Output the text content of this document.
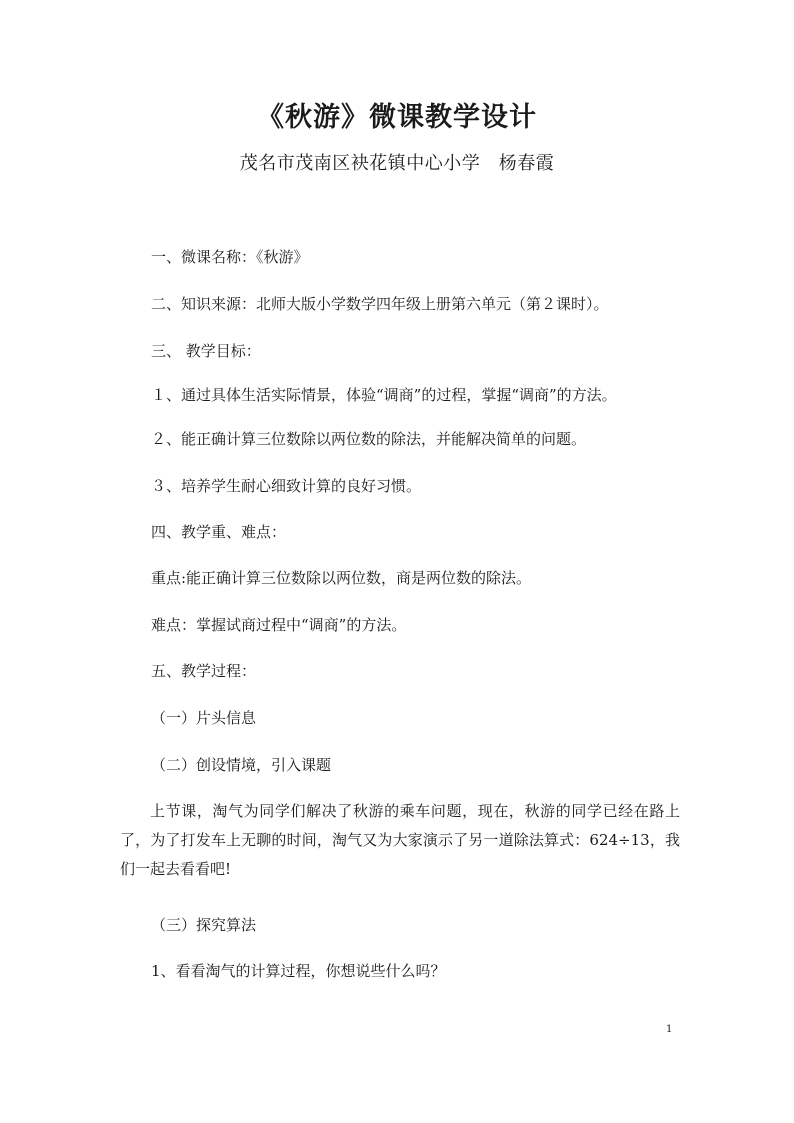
《秋游》微课教学设计
茂名市茂南区袂花镇中心小学　杨春霞
一、微课名称：《秋游》
二、知识来源：北师大版小学数学四年级上册第六单元（第２课时）。
三、 教学目标：
１、通过具体生活实际情景，体验“调商”的过程，掌握“调商”的方法。
２、能正确计算三位数除以两位数的除法，并能解决简单的问题。
３、培养学生耐心细致计算的良好习惯。
四、教学重、难点：
重点:能正确计算三位数除以两位数，商是两位数的除法。
难点：掌握试商过程中“调商”的方法。
五、教学过程：
（一）片头信息
（二）创设情境，引入课题
上节课，淘气为同学们解决了秋游的乘车问题，现在，秋游的同学已经在路上了，为了打发车上无聊的时间，淘气又为大家演示了另一道除法算式：624÷13，我们一起去看看吧!
（三）探究算法
1、看看淘气的计算过程，你想说些什么吗？
1
